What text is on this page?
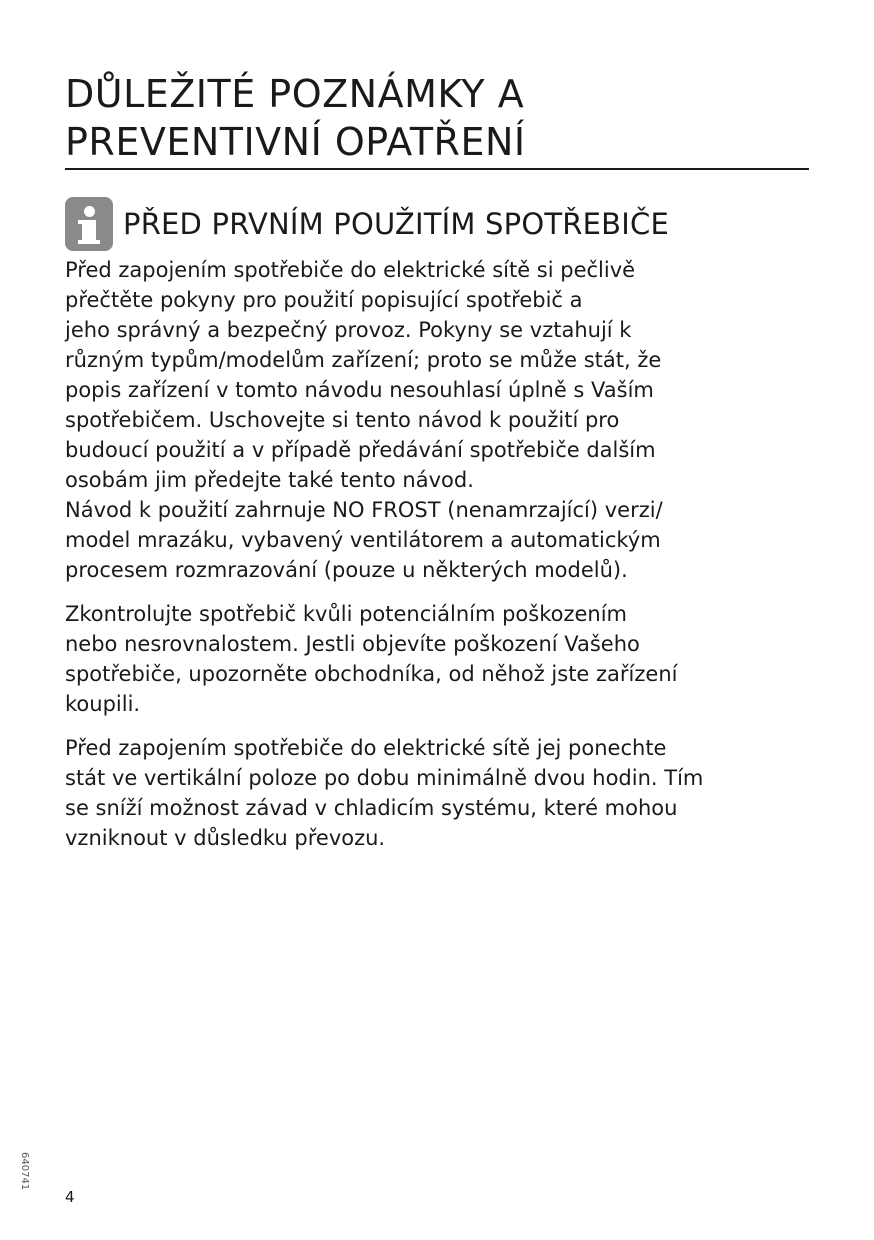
DŮLEŽITÉ POZNÁMKY A
PREVENTIVNÍ OPATŘENÍ
PŘED PRVNÍM POUŽITÍM SPOTŘEBIČE

Před zapojením spotřebiče do elektrické sítě si pečlivě
přečtěte pokyny pro použití popisující spotřebič a
jeho správný a bezpečný provoz. Pokyny se vztahují k
různým typům/modelům zařízení; proto se může stát, že
popis zařízení v tomto návodu nesouhlasí úplně s Vaším
spotřebičem. Uschovejte si tento návod k použití pro
budoucí použití a v případě předávání spotřebiče dalším
osobám jim předejte také tento návod.
Návod k použití zahrnuje NO FROST (nenamrzající) verzi/
model mrazáku, vybavený ventilátorem a automatickým
procesem rozmrazování (pouze u některých modelů).

Zkontrolujte spotřebič kvůli potenciálním poškozením
nebo nesrovnalostem. Jestli objevíte poškození Vašeho
spotřebiče, upozorněte obchodníka, od něhož jste zařízení
koupili.

Před zapojením spotřebiče do elektrické sítě jej ponechte
stát ve vertikální poloze po dobu minimálně dvou hodin. Tím
se sníží možnost závad v chladicím systému, které mohou
vzniknout v důsledku převozu.

640741
4
